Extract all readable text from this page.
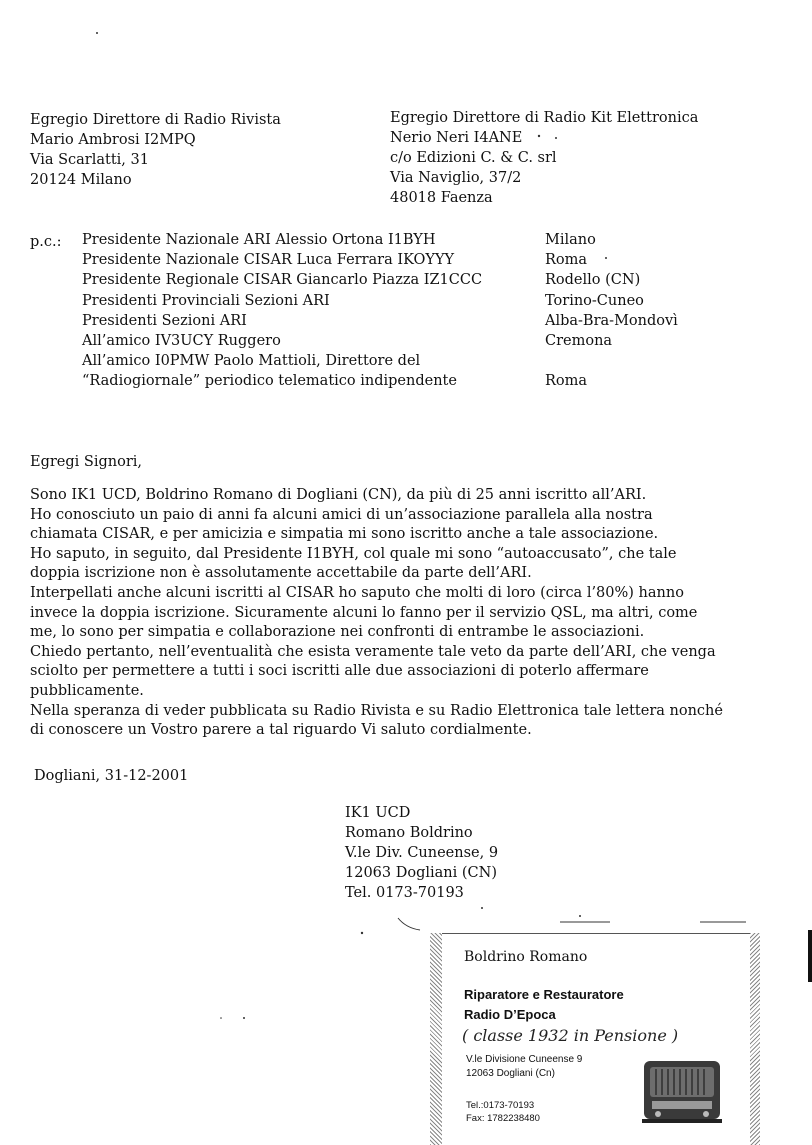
Egregio Direttore di Radio Rivista
Mario Ambrosi I2MPQ
Via Scarlatti, 31
20124 Milano
Egregio Direttore di Radio Kit Elettronica
Nerio Neri I4ANE
c/o Edizioni C. & C. srl
Via Naviglio, 37/2
48018 Faenza
p.c.: Presidente Nazionale ARI Alessio Ortona I1BYH	Milano
Presidente Nazionale CISAR Luca Ferrara IKOYYY	Roma
Presidente Regionale CISAR Giancarlo Piazza IZ1CCC	Rodello (CN)
Presidenti Provinciali Sezioni ARI	Torino-Cuneo
Presidenti Sezioni ARI	Alba-Bra-Mondovì
All’amico IV3UCY Ruggero	Cremona
All’amico I0PMW Paolo Mattioli, Direttore del
“Radiogiornale” periodico telematico indipendente	Roma
Egregi Signori,
Sono IK1 UCD, Boldrino Romano di Dogliani (CN), da più di 25 anni iscritto all’ARI.
Ho conosciuto un paio di anni fa alcuni amici di un’associazione parallela alla nostra
chiamata CISAR, e per amicizia e simpatia mi sono iscritto anche a tale associazione.
Ho saputo, in seguito, dal Presidente I1BYH, col quale mi sono “autoaccusato”, che tale
doppia iscrizione non è assolutamente accettabile da parte dell’ARI.
Interpellati anche alcuni iscritti al CISAR ho saputo che molti di loro (circa l’80%) hanno
invece la doppia iscrizione. Sicuramente alcuni lo fanno per il servizio QSL, ma altri, come
me, lo sono per simpatia e collaborazione nei confronti di entrambe le associazioni.
Chiedo pertanto, nell’eventualità che esista veramente tale veto da parte dell’ARI, che venga
sciolto per permettere a tutti i soci iscritti alle due associazioni di poterlo affermare
pubblicamente.
Nella speranza di veder pubblicata su Radio Rivista e su Radio Elettronica tale lettera nonché
di conoscere un Vostro parere a tal riguardo Vi saluto cordialmente.
Dogliani, 31-12-2001
IK1 UCD
Romano Boldrino
V.le Div. Cuneense, 9
12063 Dogliani (CN)
Tel. 0173-70193
Boldrino Romano
Riparatore e Restauratore
Radio D’Epoca
( classe 1932 in Pensione )
V.le Divisione Cuneense 9
12063 Dogliani (Cn)
Tel.:0173-70193
Fax: 1782238480
